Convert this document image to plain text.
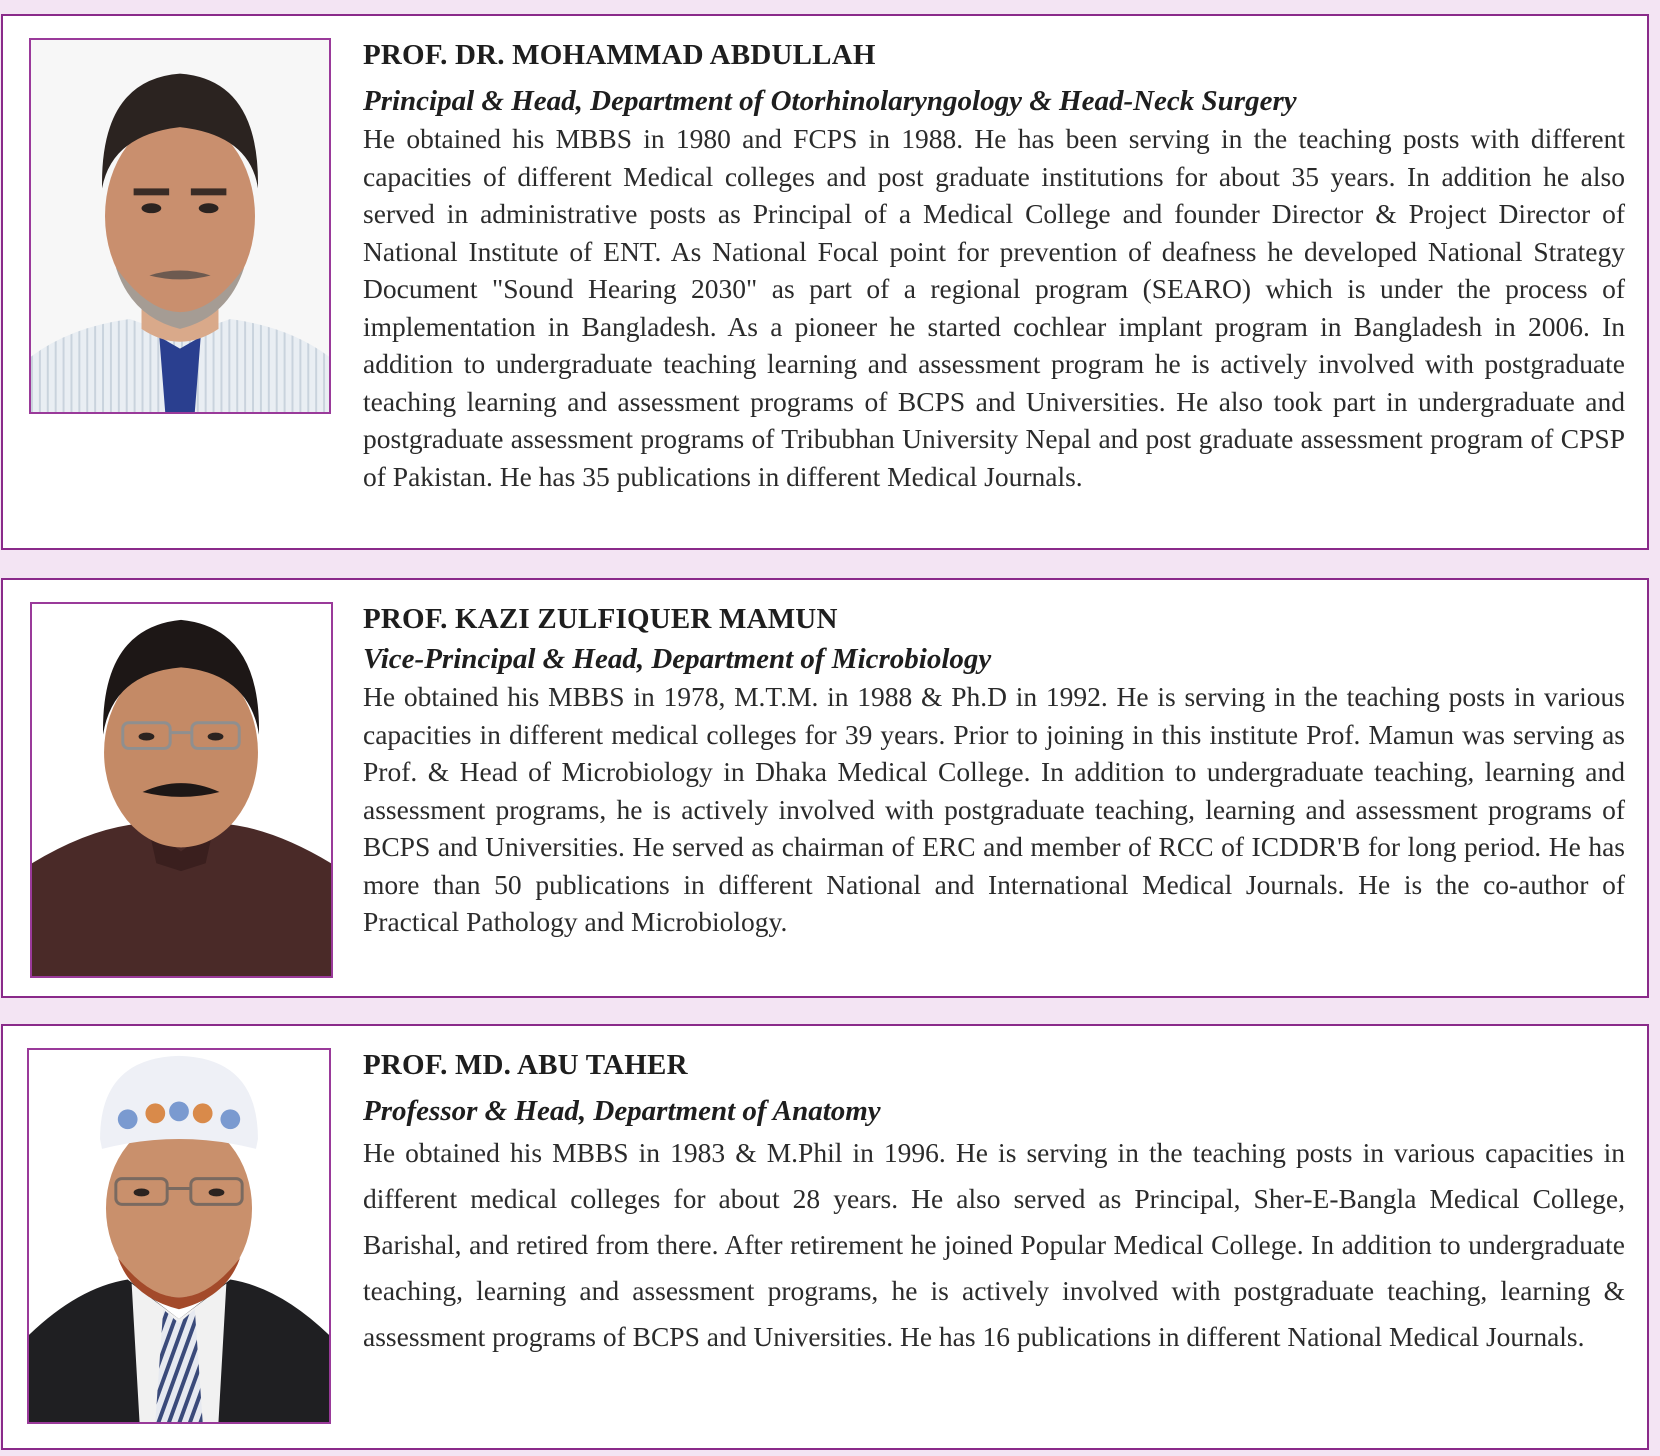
PROF. DR. MOHAMMAD ABDULLAH

Principal & Head, Department of Otorhinolaryngology & Head-Neck Surgery

He obtained his MBBS in 1980 and FCPS in 1988. He has been serving in the teaching posts with different capacities of different Medical colleges and post graduate institutions for about 35 years. In addition he also served in administrative posts as Principal of a Medical College and founder Director & Project Director of National Institute of ENT. As National Focal point for prevention of deafness he developed National Strategy Document "Sound Hearing 2030" as part of a regional program (SEARO) which is under the process of implementation in Bangladesh. As a pioneer he started cochlear implant program in Bangladesh in 2006. In addition to undergraduate teaching learning and assessment program he is actively involved with postgraduate teaching learning and assessment programs of BCPS and Universities. He also took part in undergraduate and postgraduate assessment programs of Tribubhan University Nepal and post graduate assessment program of CPSP of Pakistan. He has 35 publications in different Medical Journals.

PROF. KAZI ZULFIQUER MAMUN

Vice-Principal & Head, Department of Microbiology

He obtained his MBBS in 1978, M.T.M. in 1988 & Ph.D in 1992. He is serving in the teaching posts in various capacities in different medical colleges for 39 years. Prior to joining in this institute Prof. Mamun was serving as Prof. & Head of Microbiology in Dhaka Medical College. In addition to undergraduate teaching, learning and assessment programs, he is actively involved with postgraduate teaching, learning and assessment programs of BCPS and Universities. He served as chairman of ERC and member of RCC of ICDDR'B for long period. He has more than 50 publications in different National and International Medical Journals. He is the co-author of Practical Pathology and Microbiology.

PROF. MD. ABU TAHER

Professor & Head, Department of Anatomy

He obtained his MBBS in 1983 & M.Phil in 1996. He is serving in the teaching posts in various capacities in different medical colleges for about 28 years. He also served as Principal, Sher-E-Bangla Medical College, Barishal, and retired from there. After retirement he joined Popular Medical College. In addition to undergraduate teaching, learning and assessment programs, he is actively involved with postgraduate teaching, learning & assessment programs of BCPS and Universities. He has 16 publications in different National Medical Journals.
